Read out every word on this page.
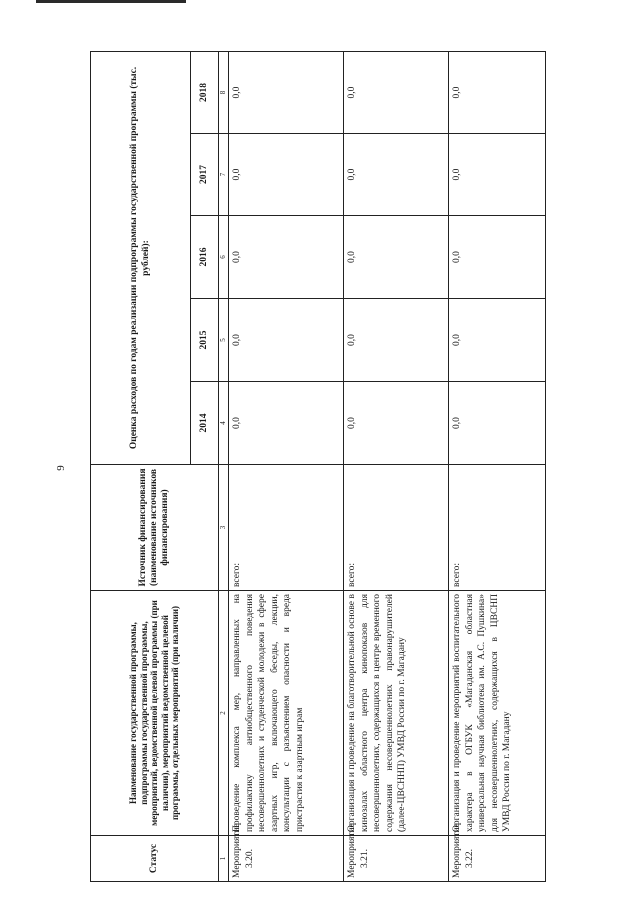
9
Статус	Наименование государственной программы, подпрограммы государственной программы, мероприятий, ведомственной целевой программы (при наличии), мероприятий ведомственной целевой программы, отдельных мероприятий (при наличии)	Источник финансирования (наименование источников финансирования)	Оценка расходов по годам реализации подпрограммы государственной программы (тыс. рублей):				
			2014	2015	2016	2017	2018
1	2	3	4	5	6	7	8
Мероприятие 3.20.	Проведение комплекса мер, направленных на профилактику антиобщественного поведения несовершеннолетних и студенческой молодежи в сфере азартных игр, включающего беседы, лекции, консультации с разъяснением опасности и вреда пристрастия к азартным играм	всего:	0,0	0,0	0,0	0,0	0,0
Мероприятие 3.21.	Организация и проведение на благотворительной основе в кинозалах областного центра кинопоказов для несовершеннолетних, содержащихся в центре временного содержания несовершеннолетних правонарушителей (далее-ЦВСННП) УМВД России по г. Магадану	всего:	0,0	0,0	0,0	0,0	0,0
Мероприятие 3.22.	Организация и проведение мероприятий воспитательного характера в ОГБУК «Магаданская областная универсальная научная библиотека им. А.С. Пушкина» для несовершеннолетних, содержащихся в ЦВСНП УМВД России по г. Магадану	всего:	0,0	0,0	0,0	0,0	0,0
